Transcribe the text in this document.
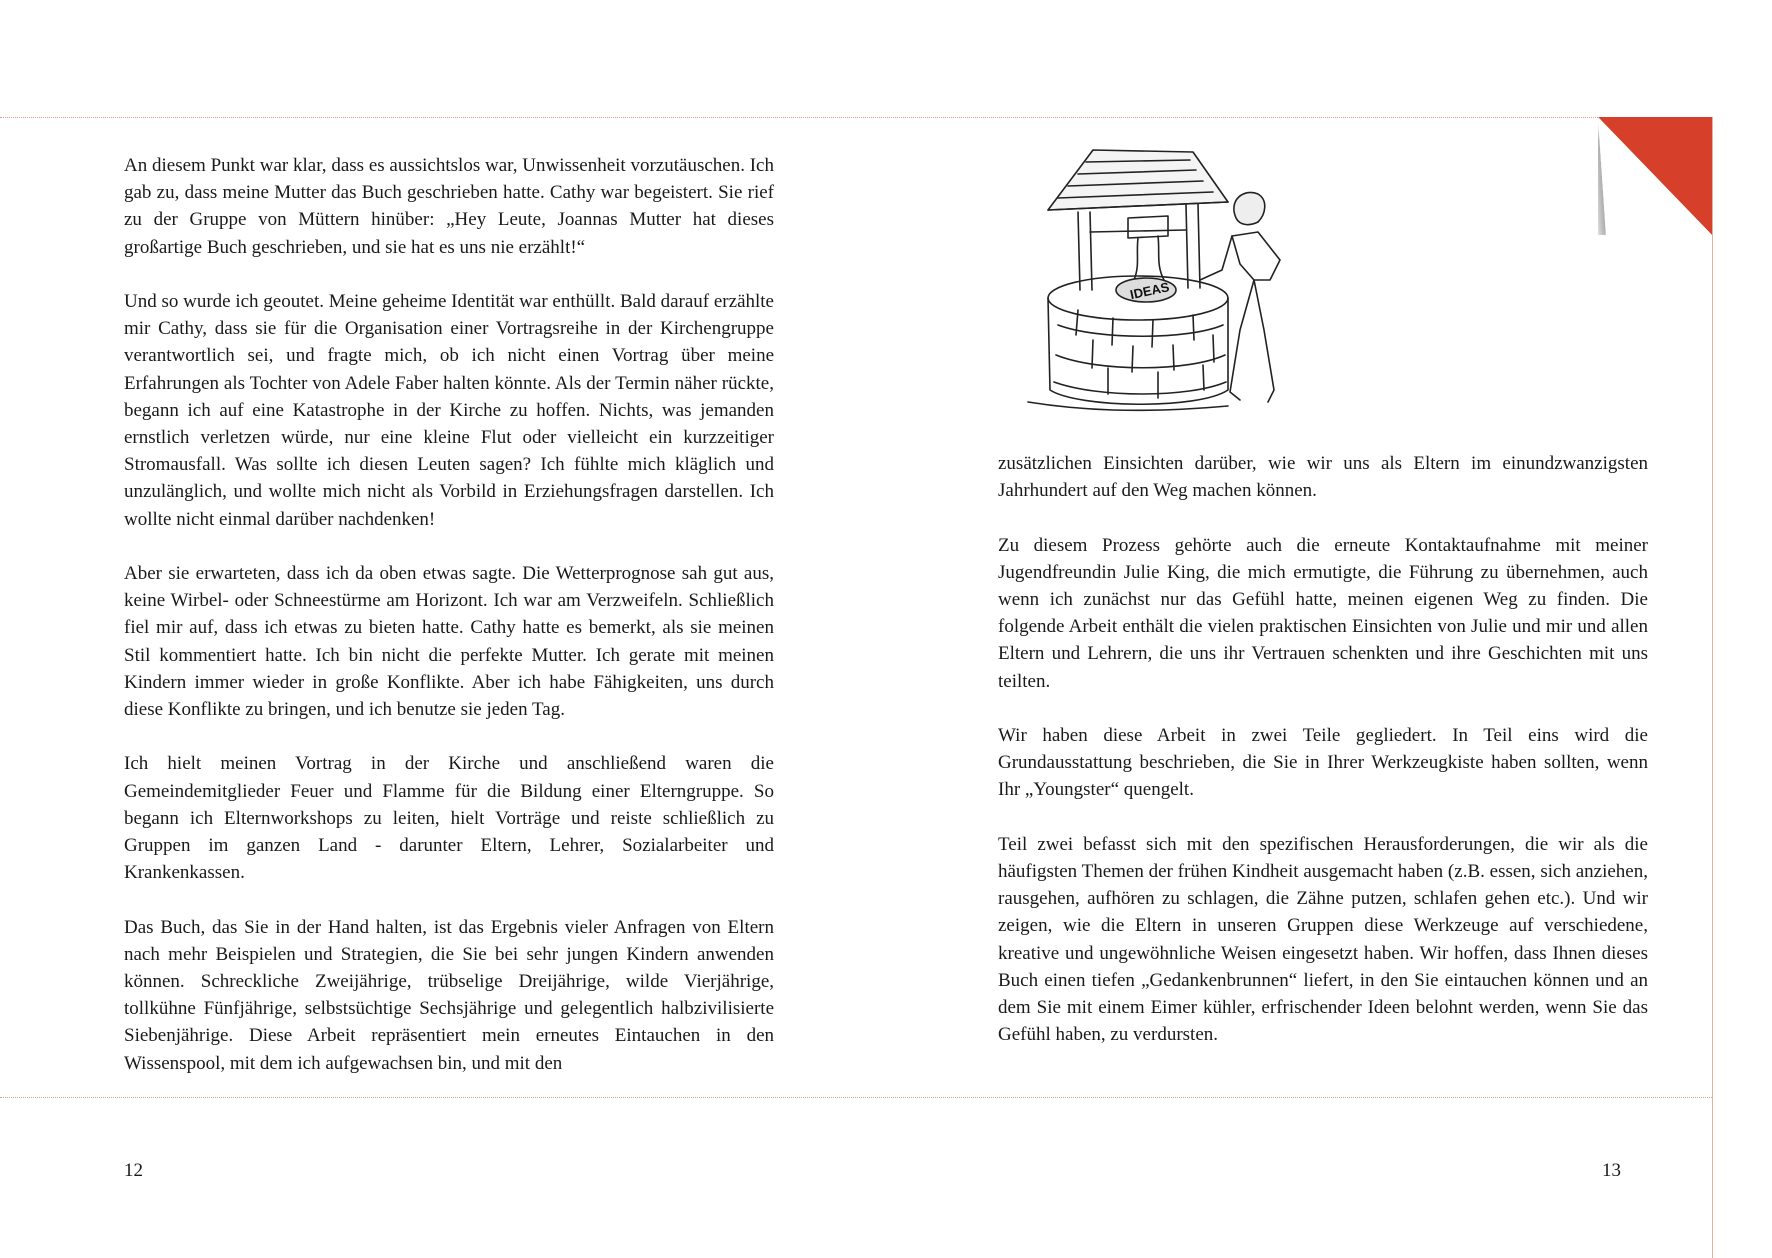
An diesem Punkt war klar, dass es aussichtslos war, Unwissenheit vorzutäuschen. Ich gab zu, dass meine Mutter das Buch geschrieben hatte. Cathy war begeistert. Sie rief zu der Gruppe von Müttern hinüber: „Hey Leute, Joannas Mutter hat dieses großartige Buch geschrieben, und sie hat es uns nie erzählt!“

Und so wurde ich geoutet. Meine geheime Identität war enthüllt. Bald darauf erzählte mir Cathy, dass sie für die Organisation einer Vortragsreihe in der Kirchengruppe verantwortlich sei, und fragte mich, ob ich nicht einen Vortrag über meine Erfahrungen als Tochter von Adele Faber halten könnte. Als der Termin näher rückte, begann ich auf eine Katastrophe in der Kirche zu hoffen. Nichts, was jemanden ernstlich verletzen würde, nur eine kleine Flut oder vielleicht ein kurzzeitiger Stromausfall. Was sollte ich diesen Leuten sagen? Ich fühlte mich kläglich und unzulänglich, und wollte mich nicht als Vorbild in Erziehungsfragen darstellen. Ich wollte nicht einmal darüber nachdenken!

Aber sie erwarteten, dass ich da oben etwas sagte. Die Wetterprognose sah gut aus, keine Wirbel- oder Schneestürme am Horizont. Ich war am Verzweifeln. Schließlich fiel mir auf, dass ich etwas zu bieten hatte. Cathy hatte es bemerkt, als sie meinen Stil kommentiert hatte. Ich bin nicht die perfekte Mutter. Ich gerate mit meinen Kindern immer wieder in große Konflikte. Aber ich habe Fähigkeiten, uns durch diese Konflikte zu bringen, und ich benutze sie jeden Tag.

Ich hielt meinen Vortrag in der Kirche und anschließend waren die Gemeindemitglieder Feuer und Flamme für die Bildung einer Elterngruppe. So begann ich Elternworkshops zu leiten, hielt Vorträge und reiste schließlich zu Gruppen im ganzen Land - darunter Eltern, Lehrer, Sozialarbeiter und Krankenkassen.

Das Buch, das Sie in der Hand halten, ist das Ergebnis vieler Anfragen von Eltern nach mehr Beispielen und Strategien, die Sie bei sehr jungen Kindern anwenden können. Schreckliche Zweijährige, trübselige Dreijährige, wilde Vierjährige, tollkühne Fünfjährige, selbstsüchtige Sechsjährige und gelegentlich halbzivilisierte Siebenjährige. Diese Arbeit repräsentiert mein erneutes Eintauchen in den Wissenspool, mit dem ich aufgewachsen bin, und mit den

12
IDEAS

zusätzlichen Einsichten darüber, wie wir uns als Eltern im einundzwanzigsten Jahrhundert auf den Weg machen können.

Zu diesem Prozess gehörte auch die erneute Kontaktaufnahme mit meiner Jugendfreundin Julie King, die mich ermutigte, die Führung zu übernehmen, auch wenn ich zunächst nur das Gefühl hatte, meinen eigenen Weg zu finden. Die folgende Arbeit enthält die vielen praktischen Einsichten von Julie und mir und allen Eltern und Lehrern, die uns ihr Vertrauen schenkten und ihre Geschichten mit uns teilten.

Wir haben diese Arbeit in zwei Teile gegliedert. In Teil eins wird die Grundausstattung beschrieben, die Sie in Ihrer Werkzeugkiste haben sollten, wenn Ihr „Youngster“ quengelt.

Teil zwei befasst sich mit den spezifischen Herausforderungen, die wir als die häufigsten Themen der frühen Kindheit ausgemacht haben (z.B. essen, sich anziehen, rausgehen, aufhören zu schlagen, die Zähne putzen, schlafen gehen etc.). Und wir zeigen, wie die Eltern in unseren Gruppen diese Werkzeuge auf verschiedene, kreative und ungewöhnliche Weisen eingesetzt haben. Wir hoffen, dass Ihnen dieses Buch einen tiefen „Gedankenbrunnen“ liefert, in den Sie eintauchen können und an dem Sie mit einem Eimer kühler, erfrischender Ideen belohnt werden, wenn Sie das Gefühl haben, zu verdursten.

13
